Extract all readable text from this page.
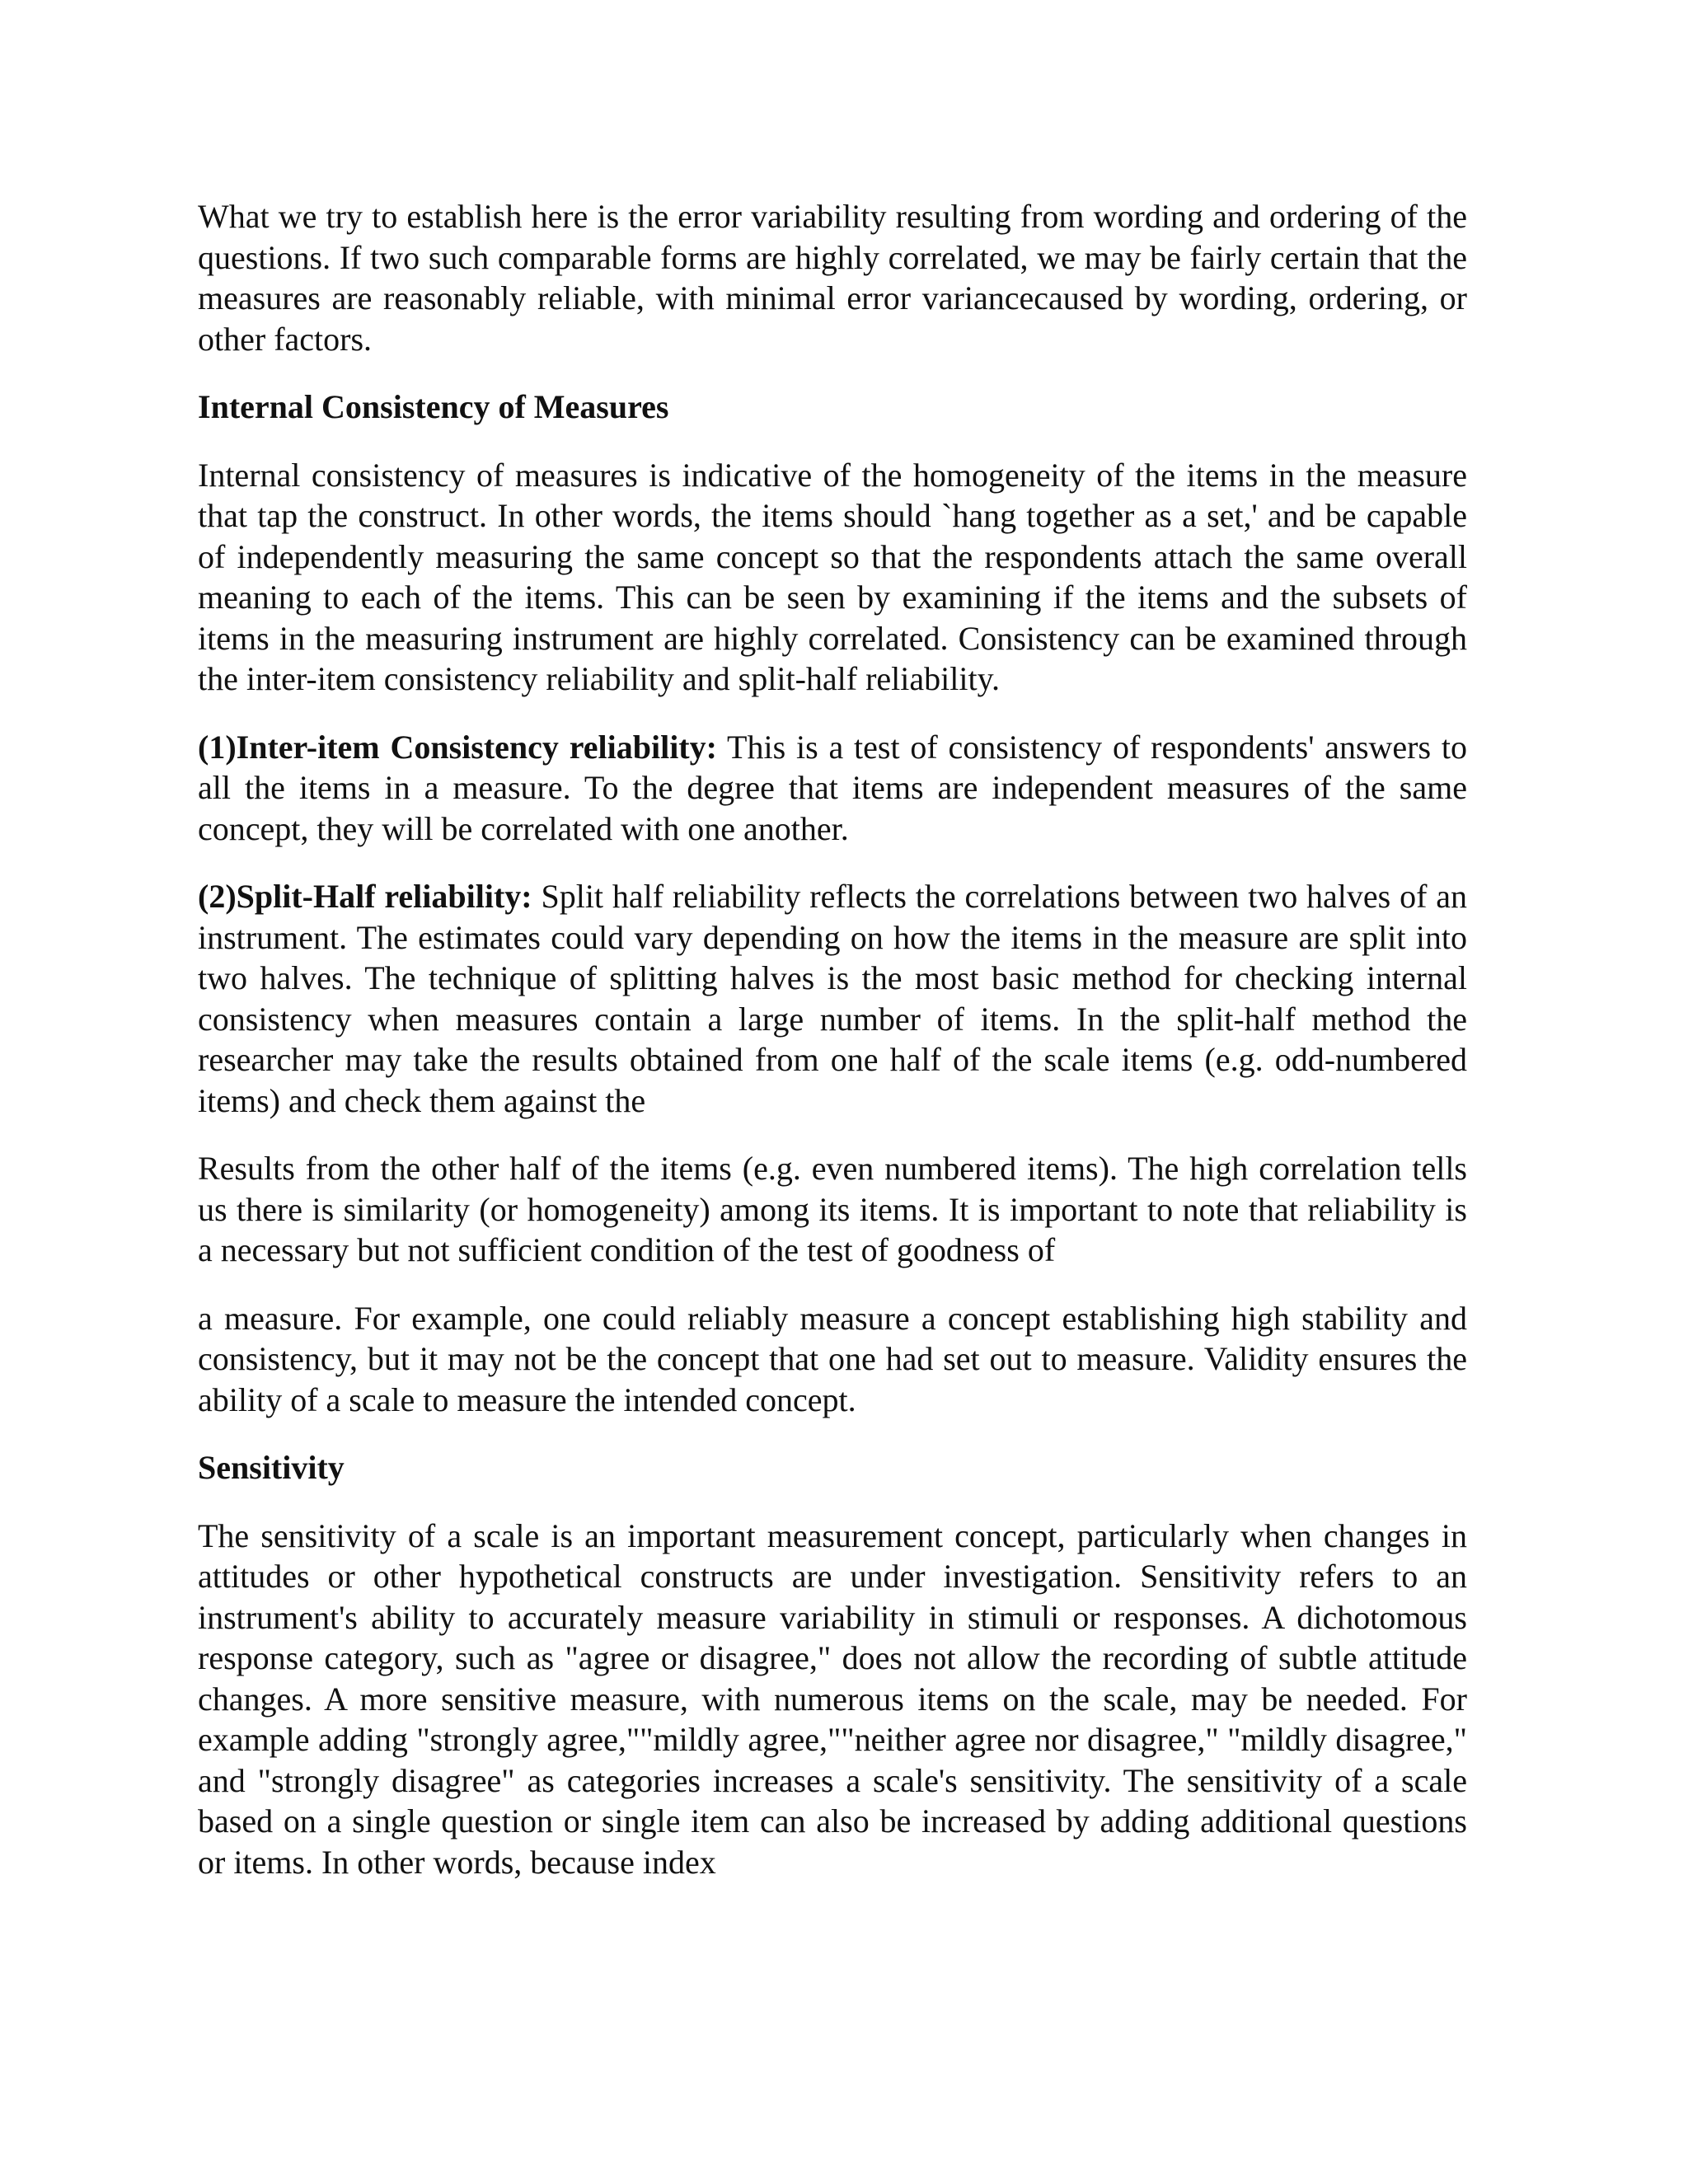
What we try to establish here is the error variability resulting from wording and ordering of the questions. If two such comparable forms are highly correlated, we may be fairly certain that the measures are reasonably reliable, with minimal error variancecaused by wording, ordering, or other factors.

Internal Consistency of Measures

Internal consistency of measures is indicative of the homogeneity of the items in the measure that tap the construct. In other words, the items should `hang together as a set,' and be capable of independently measuring the same concept so that the respondents attach the same overall meaning to each of the items. This can be seen by examining if the items and the subsets of items in the measuring instrument are highly correlated. Consistency can be examined through the inter-item consistency reliability and split-half reliability.

(1)Inter-item Consistency reliability: This is a test of consistency of respondents' answers to all the items in a measure. To the degree that items are independent measures of the same concept, they will be correlated with one another.

(2)Split-Half reliability: Split half reliability reflects the correlations between two halves of an instrument. The estimates could vary depending on how the items in the measure are split into two halves. The technique of splitting halves is the most basic method for checking internal consistency when measures contain a large number of items. In the split-half method the researcher may take the results obtained from one half of the scale items (e.g. odd-numbered items) and check them against the

Results from the other half of the items (e.g. even numbered items). The high correlation tells us there is similarity (or homogeneity) among its items. It is important to note that reliability is a necessary but not sufficient condition of the test of goodness of

a measure. For example, one could reliably measure a concept establishing high stability and consistency, but it may not be the concept that one had set out to measure. Validity ensures the ability of a scale to measure the intended concept.

Sensitivity

The sensitivity of a scale is an important measurement concept, particularly when changes in attitudes or other hypothetical constructs are under investigation. Sensitivity refers to an instrument's ability to accurately measure variability in stimuli or responses. A dichotomous response category, such as "agree or disagree," does not allow the recording of subtle attitude changes. A more sensitive measure, with numerous items on the scale, may be needed. For example adding "strongly agree,""mildly agree,""neither agree nor disagree," "mildly disagree," and "strongly disagree" as categories increases a scale's sensitivity. The sensitivity of a scale based on a single question or single item can also be increased by adding additional questions or items. In other words, because index
